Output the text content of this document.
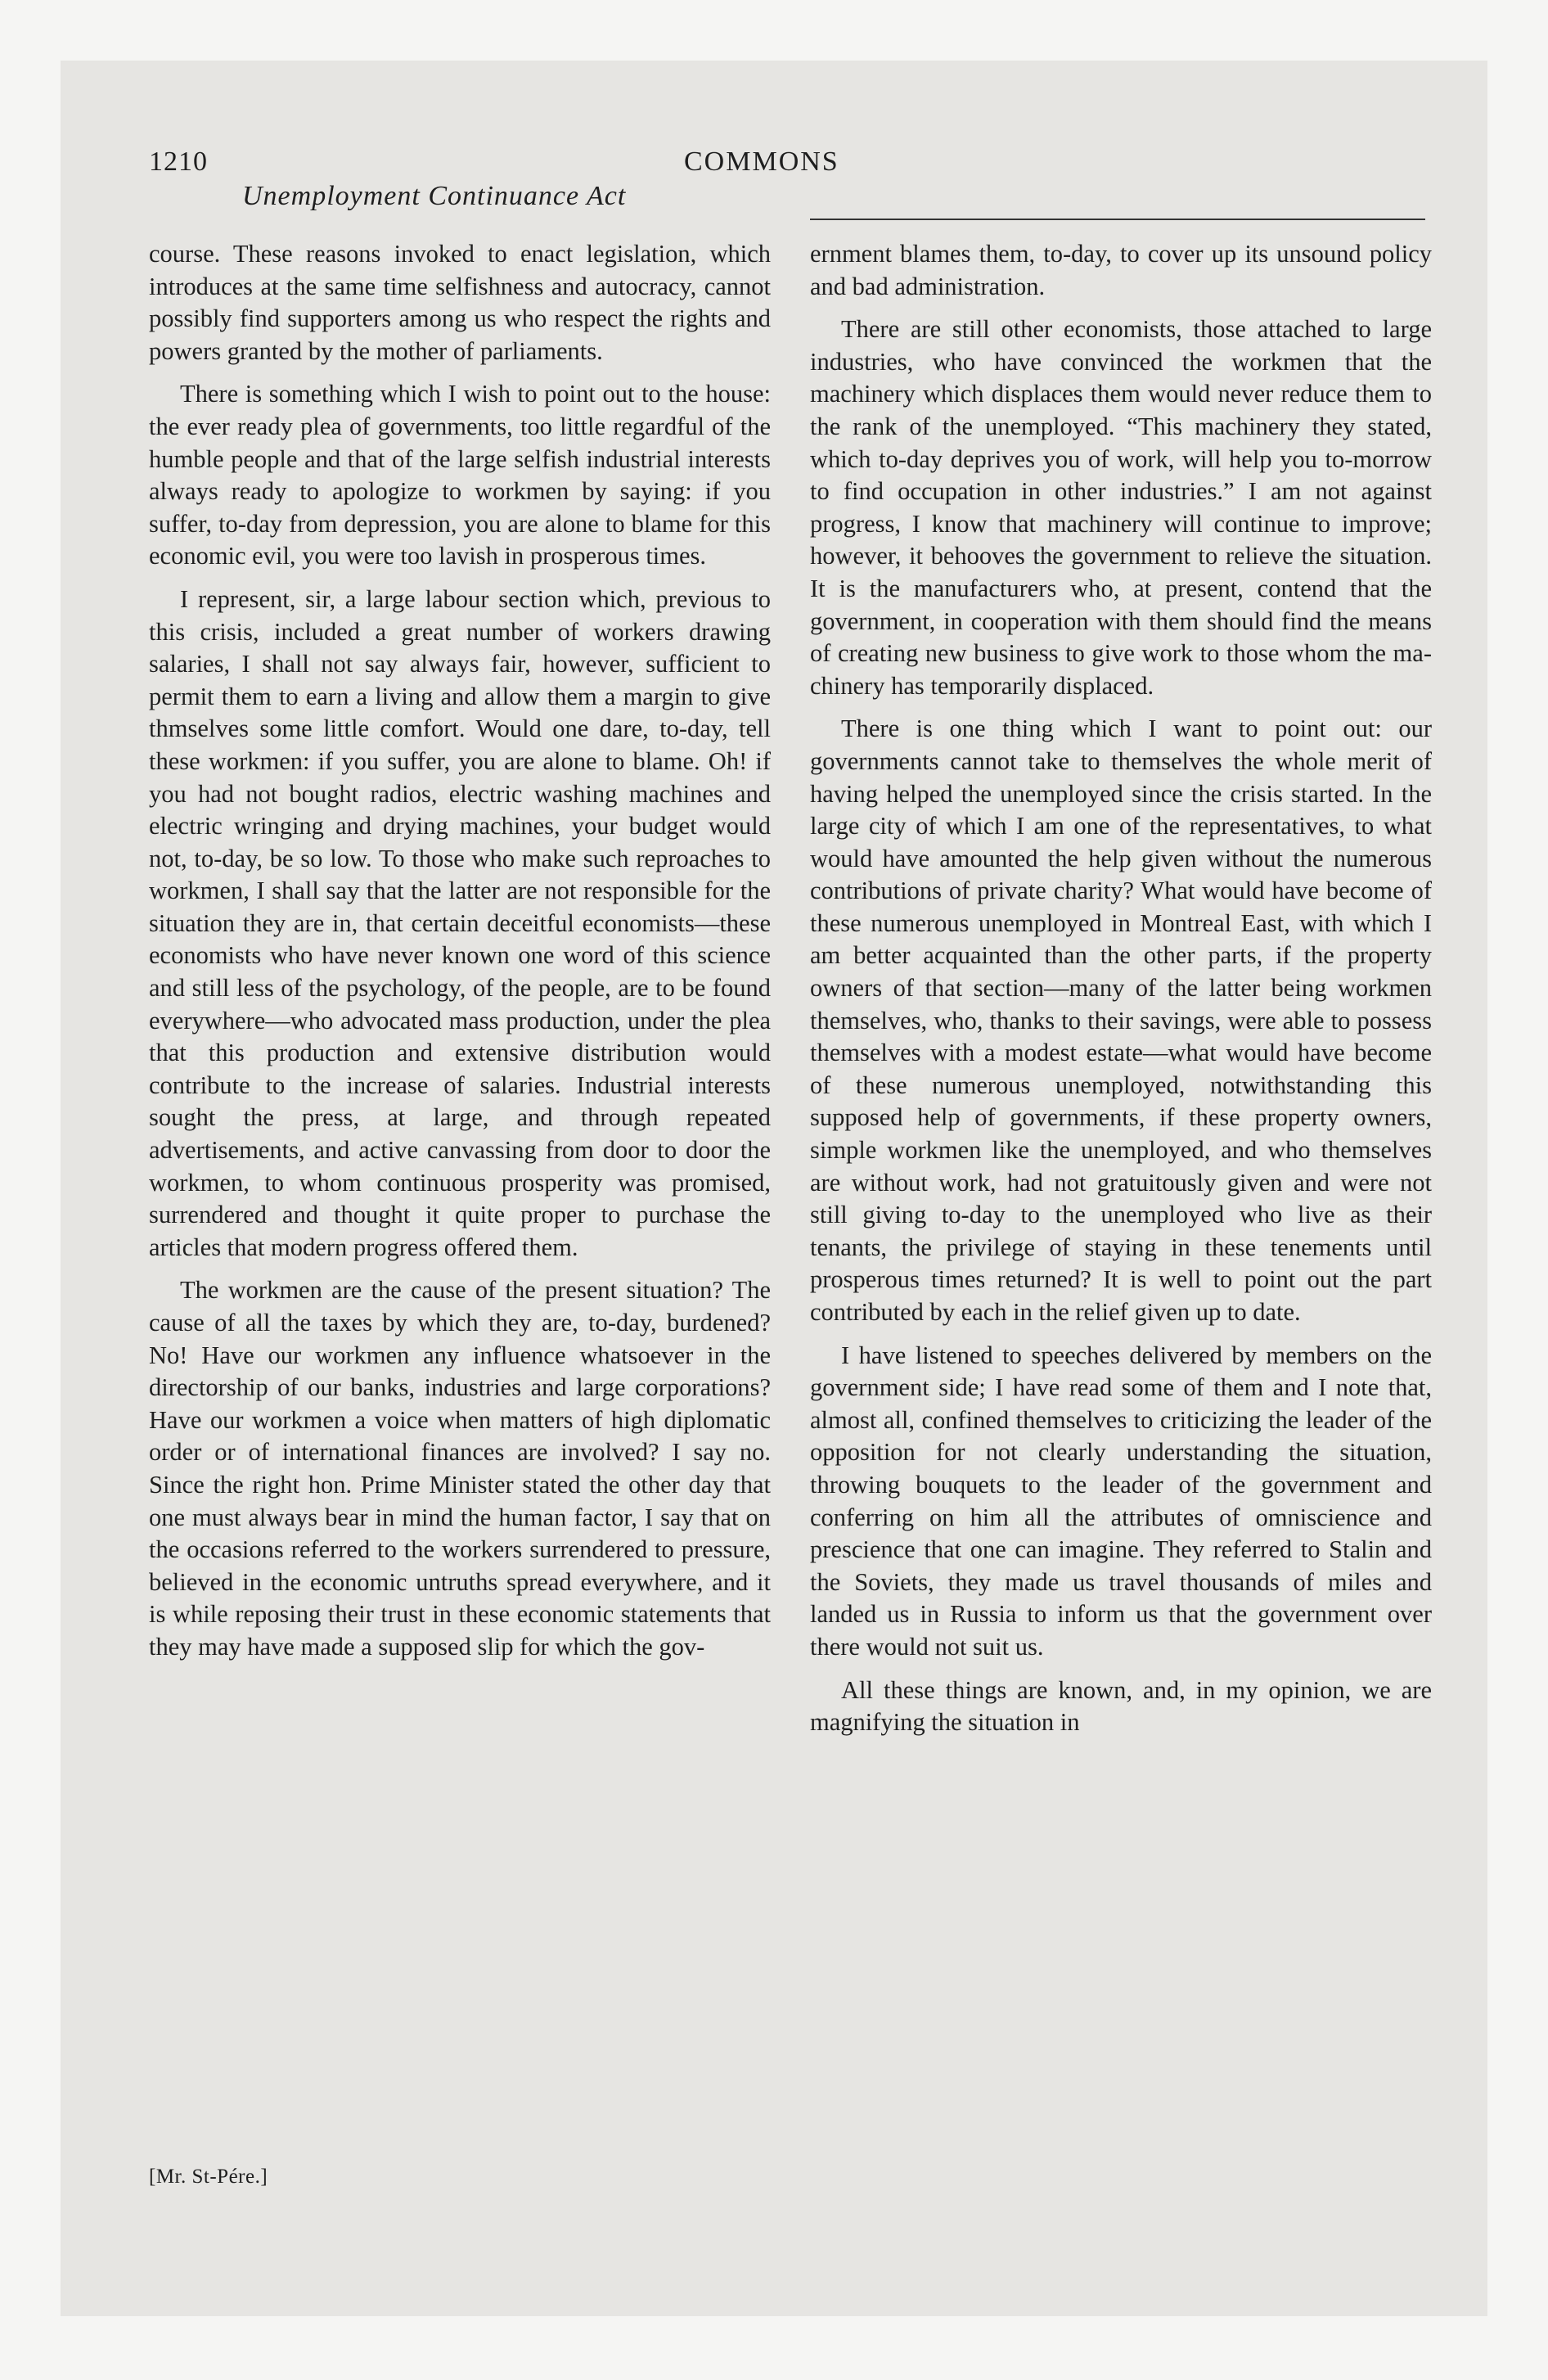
1210	COMMONS
Unemployment Continuance Act

course. These reasons invoked to enact legislation, which introduces at the same time selfishness and autocracy, cannot possibly find supporters among us who respect the rights and powers granted by the mother of parliaments.

There is something which I wish to point out to the house: the ever ready plea of governments, too little regardful of the humble people and that of the large selfish industrial interests always ready to apologize to workmen by saying: if you suffer, to-day from depression, you are alone to blame for this economic evil, you were too lavish in prosperous times.

I represent, sir, a large labour section which, previous to this crisis, included a great number of workers drawing salaries, I shall not say always fair, however, sufficient to permit them to earn a living and allow them a margin to give thmselves some little comfort. Would one dare, to-day, tell these workmen: if you suffer, you are alone to blame. Oh! if you had not bought radios, electric washing machines and electric wringing and drying machines, your budget would not, to-day, be so low. To those who make such reproaches to workmen, I shall say that the latter are not responsible for the situation they are in, that certain deceitful economists—these economists who have never known one word of this science and still less of the psychology, of the people, are to be found everywhere—who advocated mass production, under the plea that this production and extensive distribution would contribute to the increase of salaries. Industrial interests sought the press, at large, and through repeated advertisements, and active canvassing from door to door the workmen, to whom continuous prosperity was promised, surrendered and thought it quite proper to purchase the articles that modern progress offered them.

The workmen are the cause of the present situation? The cause of all the taxes by which they are, to-day, burdened? No! Have our workmen any influence whatsoever in the directorship of our banks, industries and large corporations? Have our workmen a voice when matters of high diplomatic order or of international finances are involved? I say no. Since the right hon. Prime Minister stated the other day that one must always bear in mind the human factor, I say that on the occasions referred to the workers surrendered to pressure, believed in the economic untruths spread everywhere, and it is while reposing their trust in these economic statements that they may have made a supposed slip for which the gov-

ernment blames them, to-day, to cover up its unsound policy and bad administration.

There are still other economists, those attached to large industries, who have convinced the workmen that the machinery which displaces them would never reduce them to the rank of the unemployed. “This machinery they stated, which to-day deprives you of work, will help you to-morrow to find occupation in other industries.” I am not against progress, I know that machinery will continue to improve; however, it behooves the government to relieve the situation. It is the manufacturers who, at present, contend that the government, in cooperation with them should find the means of creating new business to give work to those whom the machinery has temporarily displaced.

There is one thing which I want to point out: our governments cannot take to themselves the whole merit of having helped the unemployed since the crisis started. In the large city of which I am one of the representatives, to what would have amounted the help given without the numerous contributions of private charity? What would have become of these numerous unemployed in Montreal East, with which I am better acquainted than the other parts, if the property owners of that section—many of the latter being workmen themselves, who, thanks to their savings, were able to possess themselves with a modest estate—what would have become of these numerous unemployed, notwithstanding this supposed help of governments, if these property owners, simple workmen like the unemployed, and who themselves are without work, had not gratuitously given and were not still giving to-day to the unemployed who live as their tenants, the privilege of staying in these tenements until prosperous times returned? It is well to point out the part contributed by each in the relief given up to date.

I have listened to speeches delivered by members on the government side; I have read some of them and I note that, almost all, confined themselves to criticizing the leader of the opposition for not clearly understanding the situation, throwing bouquets to the leader of the government and conferring on him all the attributes of omniscience and prescience that one can imagine. They referred to Stalin and the Soviets, they made us travel thousands of miles and landed us in Russia to inform us that the government over there would not suit us.

All these things are known, and, in my opinion, we are magnifying the situation in

[Mr. St-Pére.]
